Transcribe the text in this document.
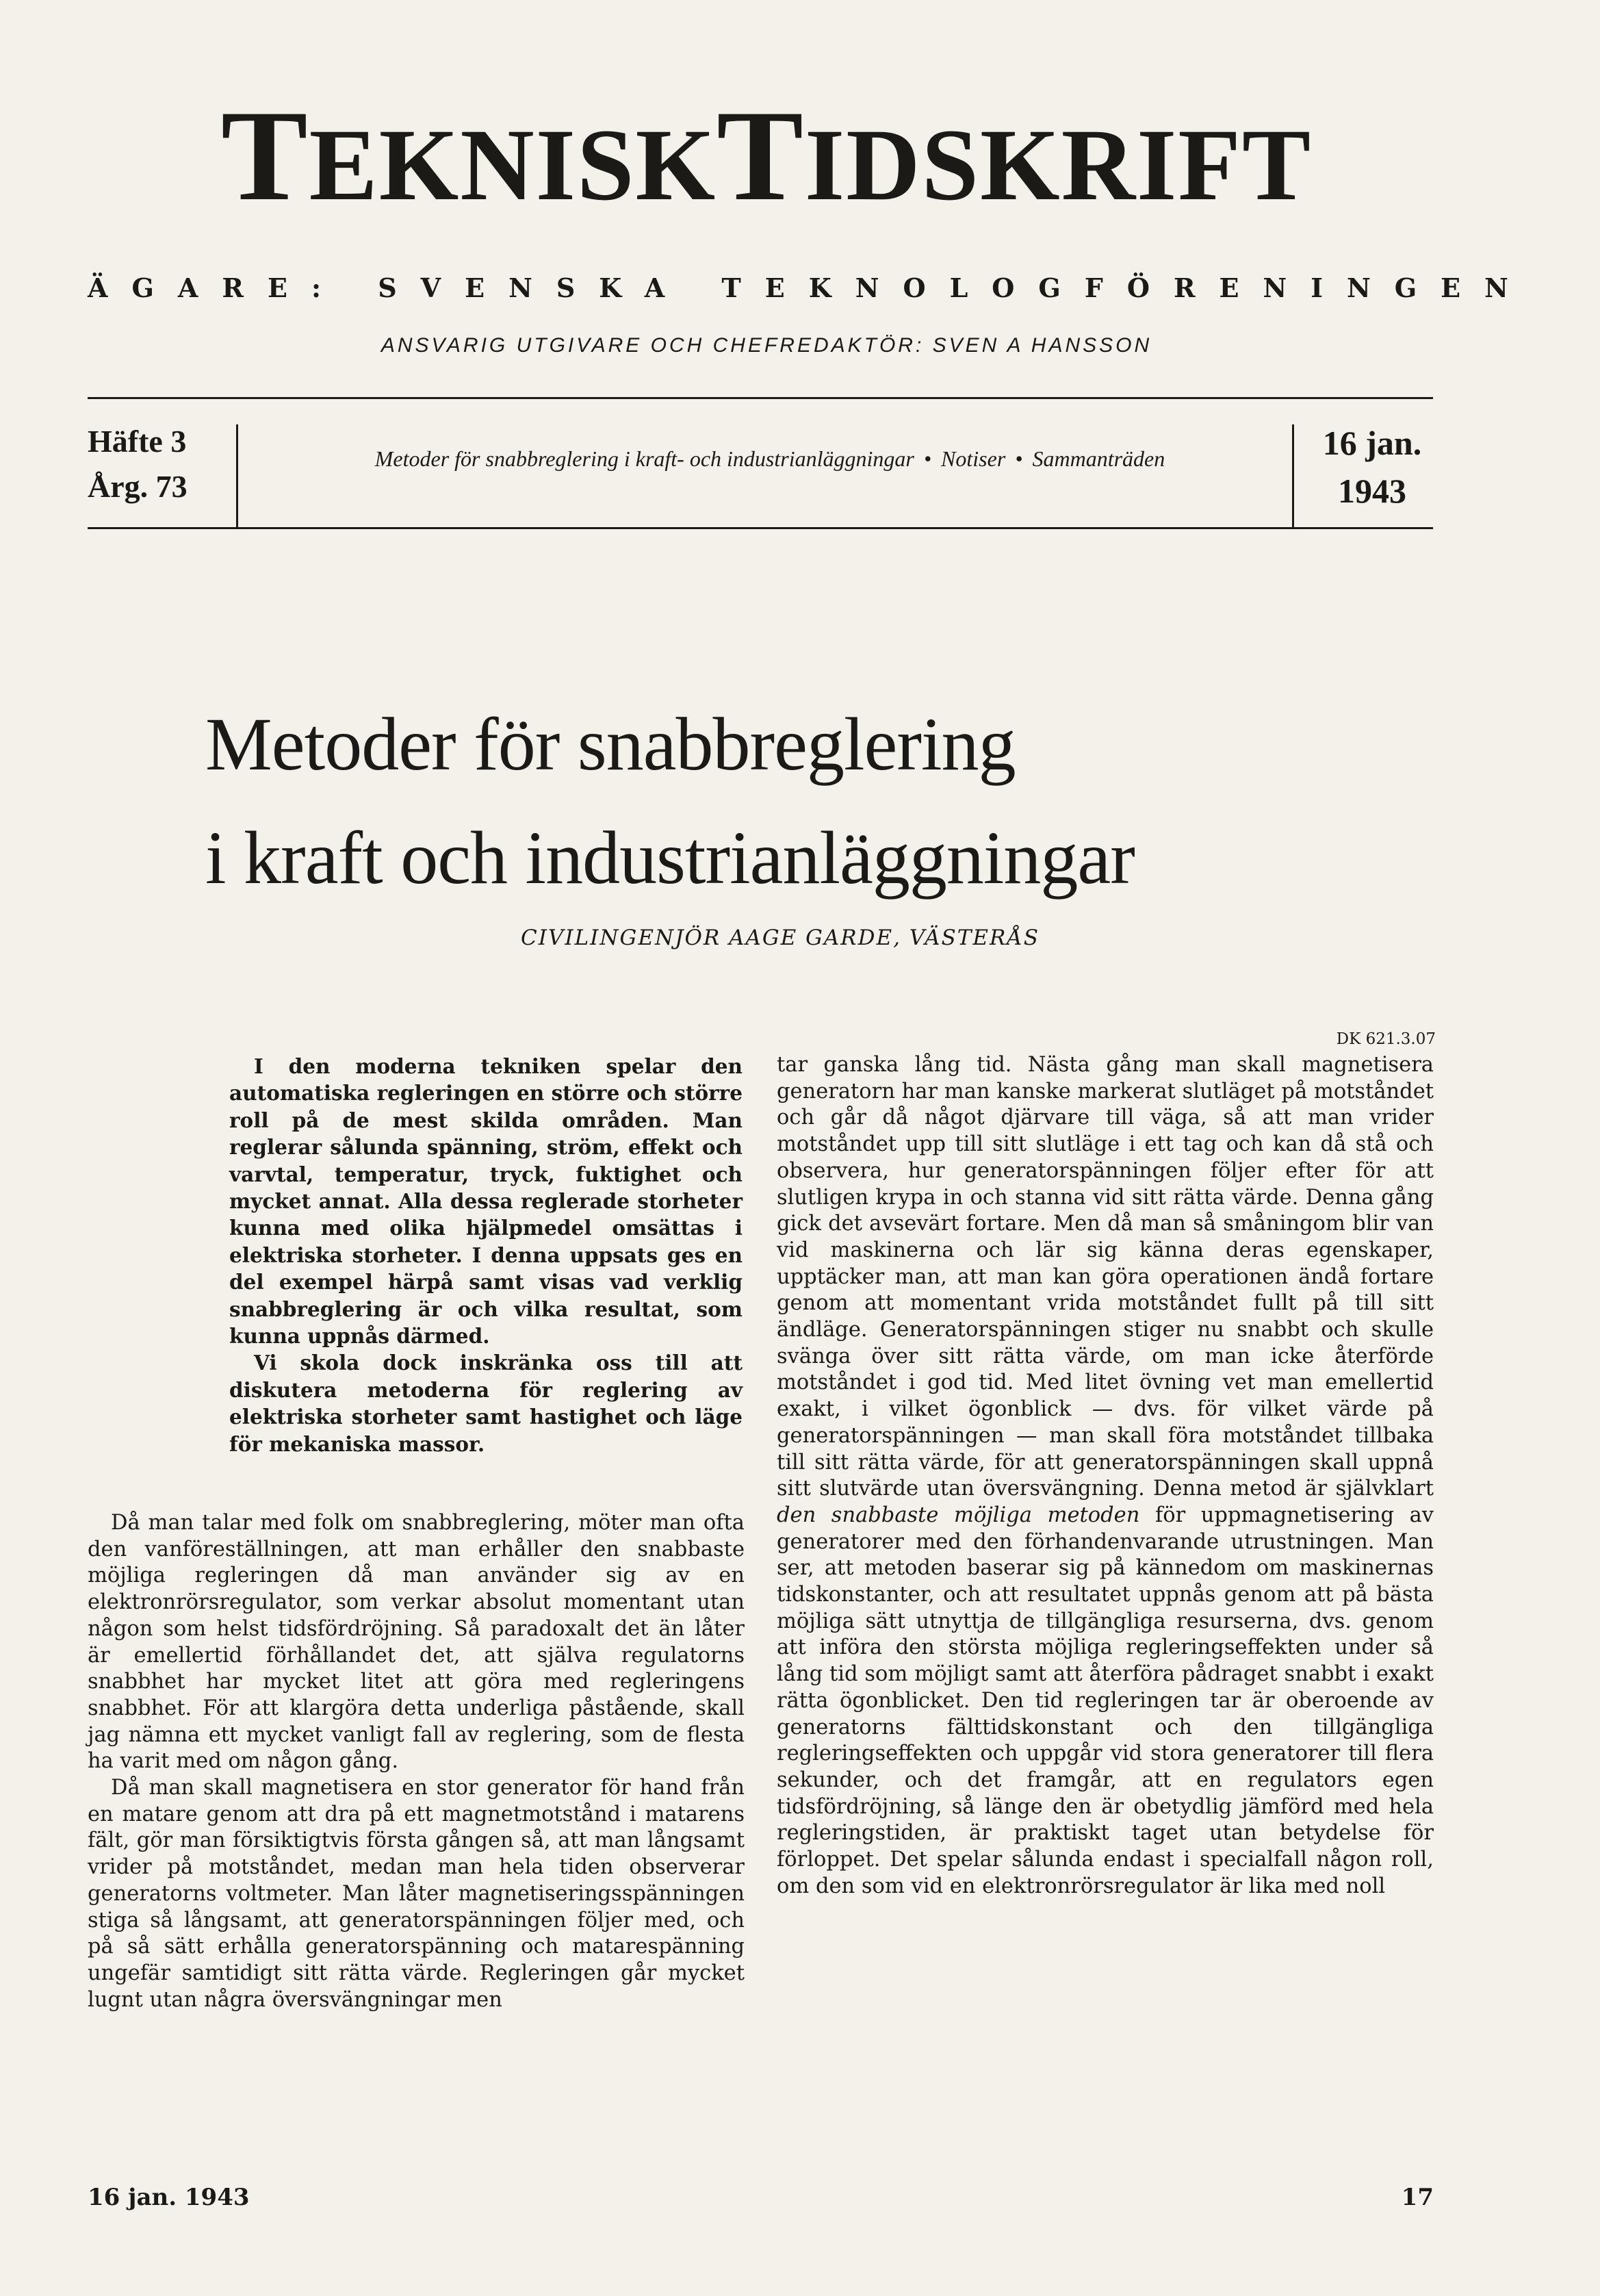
TEKNISKTIDSKRIFT
ÄGARE: SVENSKA TEKNOLOGFÖRENINGEN
ANSVARIG UTGIVARE OCH CHEFREDAKTÖR: SVEN A HANSSON
Häfte 3
Årg. 73
Metoder för snabbreglering i kraft- och industrianläggningar • Notiser • Sammanträden	16 jan.
1943
Metoder för snabbreglering
i kraft och industrianläggningar
CIVILINGENJÖR AAGE GARDE, VÄSTERÅS
DK 621.3.07

I den moderna tekniken spelar den automatiska regleringen en större och större roll på de mest skilda områden. Man reglerar sålunda spänning, ström, effekt och varvtal, temperatur, tryck, fuktighet och mycket annat. Alla dessa reglerade storheter kunna med olika hjälpmedel omsättas i elektriska storheter. I denna uppsats ges en del exempel härpå samt visas vad verklig snabbreglering är och vilka resultat, som kunna uppnås därmed.

Vi skola dock inskränka oss till att diskutera metoderna för reglering av elektriska storheter samt hastighet och läge för mekaniska massor.

Då man talar med folk om snabbreglering, möter man ofta den vanföreställningen, att man erhåller den snabbaste möjliga regleringen då man använder sig av en elektronrörsregulator, som verkar absolut momentant utan någon som helst tidsfördröjning. Så paradoxalt det än låter är emellertid förhållandet det, att själva regulatorns snabbhet har mycket litet att göra med regleringens snabbhet. För att klargöra detta underliga påstående, skall jag nämna ett mycket vanligt fall av reglering, som de flesta ha varit med om någon gång.

Då man skall magnetisera en stor generator för hand från en matare genom att dra på ett magnetmotstånd i matarens fält, gör man försiktigtvis första gången så, att man långsamt vrider på motståndet, medan man hela tiden observerar generatorns voltmeter. Man låter magnetiseringsspänningen stiga så långsamt, att generatorspänningen följer med, och på så sätt erhålla generatorspänning och matarespänning ungefär samtidigt sitt rätta värde. Regleringen går mycket lugnt utan några översvängningar men

tar ganska lång tid. Nästa gång man skall magnetisera generatorn har man kanske markerat slutläget på motståndet och går då något djärvare till väga, så att man vrider motståndet upp till sitt slutläge i ett tag och kan då stå och observera, hur generatorspänningen följer efter för att slutligen krypa in och stanna vid sitt rätta värde. Denna gång gick det avsevärt fortare. Men då man så småningom blir van vid maskinerna och lär sig känna deras egenskaper, upptäcker man, att man kan göra operationen ändå fortare genom att momentant vrida motståndet fullt på till sitt ändläge. Generatorspänningen stiger nu snabbt och skulle svänga över sitt rätta värde, om man icke återförde motståndet i god tid. Med litet övning vet man emellertid exakt, i vilket ögonblick — dvs. för vilket värde på generatorspänningen — man skall föra motståndet tillbaka till sitt rätta värde, för att generatorspänningen skall uppnå sitt slutvärde utan översvängning. Denna metod är självklart den snabbaste möjliga metoden för uppmagnetisering av generatorer med den förhandenvarande utrustningen. Man ser, att metoden baserar sig på kännedom om maskinernas tidskonstanter, och att resultatet uppnås genom att på bästa möjliga sätt utnyttja de tillgängliga resurserna, dvs. genom att införa den största möjliga regleringseffekten under så lång tid som möjligt samt att återföra pådraget snabbt i exakt rätta ögonblicket. Den tid regleringen tar är oberoende av generatorns fälttidskonstant och den tillgängliga regleringseffekten och uppgår vid stora generatorer till flera sekunder, och det framgår, att en regulators egen tidsfördröjning, så länge den är obetydlig jämförd med hela regleringstiden, är praktiskt taget utan betydelse för förloppet. Det spelar sålunda endast i specialfall någon roll, om den som vid en elektronrörsregulator är lika med noll

16 jan. 1943	17
